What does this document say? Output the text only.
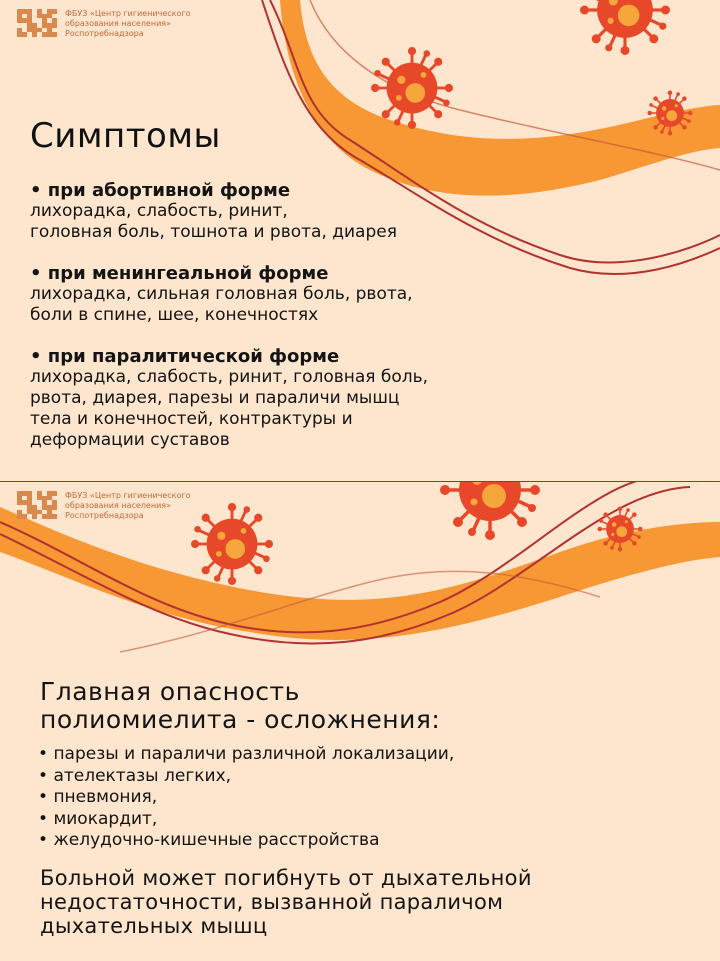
ФБУЗ «Центр гигиенического
образования населения»
Роспотребнадзора
Симптомы
• при абортивной форме
лихорадка, слабость, ринит,
головная боль, тошнота и рвота, диарея
• при менингеальной форме
лихорадка, сильная головная боль, рвота,
боли в спине, шее, конечностях
• при паралитической форме
лихорадка, слабость, ринит, головная боль,
рвота, диарея, парезы и параличи мышц
тела и конечностей, контрактуры и
деформации суставов
ФБУЗ «Центр гигиенического
образования населения»
Роспотребнадзора
Главная опасность
полиомиелита - осложнения:
• парезы и параличи различной локализации,
• ателектазы легких,
• пневмония,
• миокардит,
• желудочно-кишечные расстройства
Больной может погибнуть от дыхательной
недостаточности, вызванной параличом
дыхательных мышц
